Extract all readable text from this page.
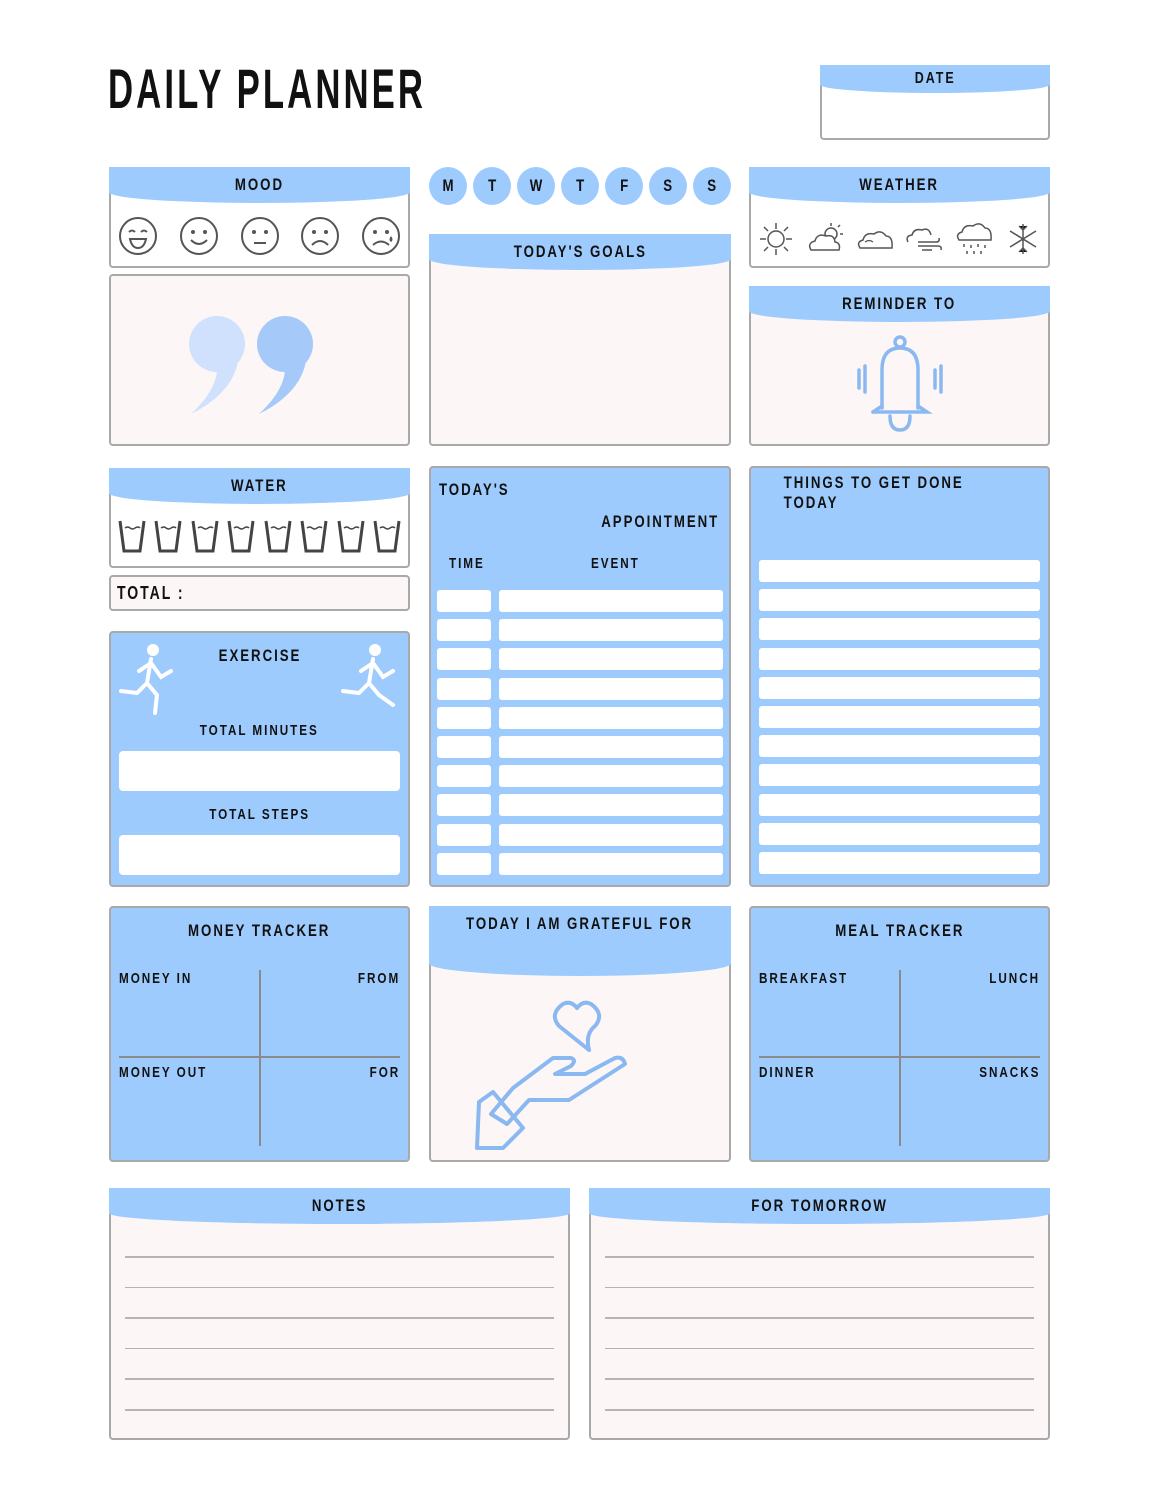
DAILY PLANNER	DATE
MOOD	M T W T F S S
TODAY'S GOALS
WEATHER
REMINDER TO
WATER
TOTAL :
EXERCISE
TOTAL MINUTES
TOTAL STEPS
TODAY'S
APPOINTMENT
TIME	EVENT
THINGS TO GET DONE TODAY
MONEY TRACKER
MONEY IN	FROM
MONEY OUT	FOR
TODAY I AM GRATEFUL FOR	MEAL TRACKER
BREAKFAST	LUNCH
DINNER	SNACKS
NOTES	FOR TOMORROW
